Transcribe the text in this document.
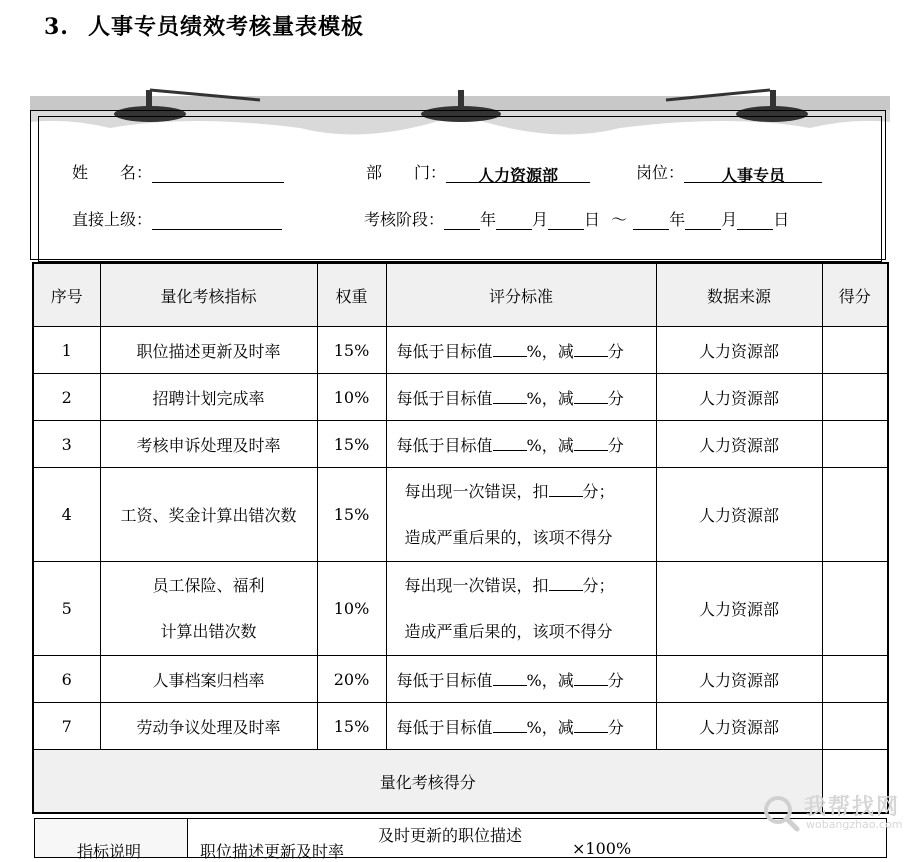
3. 人事专员绩效考核量表模板
姓　　名：	部　　门： 人力资源部	岗位： 人事专员
直接上级：	考核阶段： 年 月 日 ～	年 月 日
序号	量化考核指标	权重	评分标准	数据来源	得分
1	职位描述更新及时率	15%	每低于目标值 %，减 分	人力资源部	
2	招聘计划完成率	10%	每低于目标值 %，减 分	人力资源部	
3	考核申诉处理及时率	15%	每低于目标值 %，减 分	人力资源部	
4	工资、奖金计算出错次数	15%	每出现一次错误，扣 分；
造成严重后果的，该项不得分	人力资源部	
5	员工保险、福利
计算出错次数	10%	每出现一次错误，扣 分；
造成严重后果的，该项不得分	人力资源部	
6	人事档案归档率	20%	每低于目标值 %，减 分	人力资源部	
7	劳动争议处理及时率	15%	每低于目标值 %，减 分	人力资源部	
量化考核得分					
指标说明	职位描述更新及时率
及时更新的职位描述
×100%
我帮找网
wobangzhao.com
